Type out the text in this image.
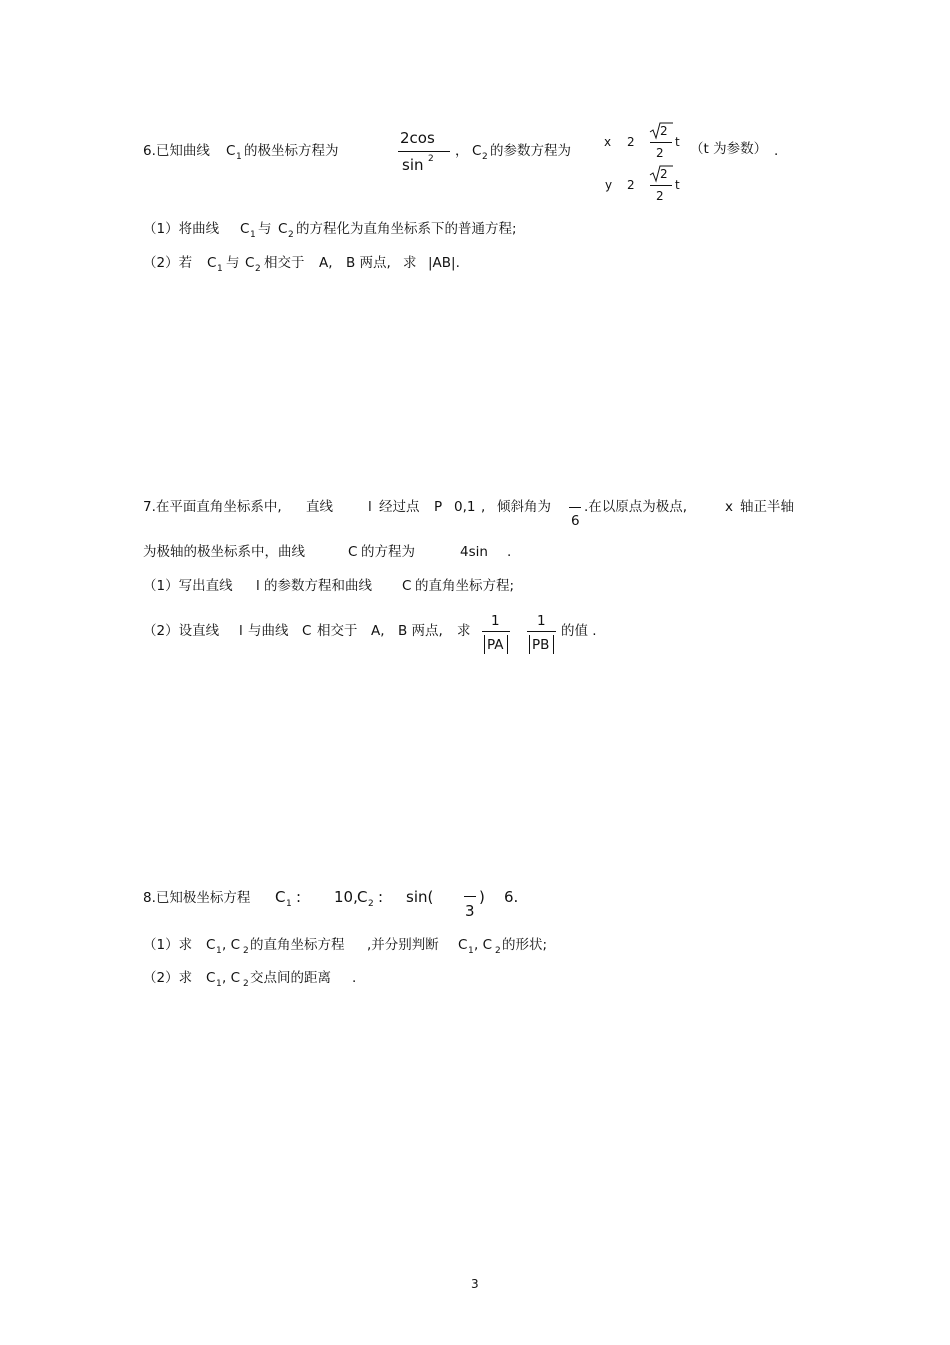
6.已知曲线 C 1 的极坐标方程为
2cos
sin 2 ， C 2 的参数方程为
x 2
2
2
t （t 为参数） .
y 2
2
2
t
（1）将曲线 C 1 与 C 2 的方程化为直角坐标系下的普通方程;
（2）若 C 1 与 C 2 相交于 A, B 两点, 求 |AB|.
7.在平面直角坐标系中, 直线	l 经过点 P 0,1 , 倾斜角为
6
.在以原点为极点,	x 轴正半轴
为极轴的极坐标系中，曲线	C 的方程为	4sin .
（1）写出直线 l 的参数方程和曲线 C 的直角坐标方程;
（2）设直线 l 与曲线 C 相交于 A, B 两点, 求
1
PA
1
PB
的值 .
8.已知极坐标方程 C 1 : 10, C 2 : sin(
3
) 6.
（1）求 C 1 , C 2 的直角坐标方程 ,并分别判断 C 1 , C 2 的形状;
（2）求 C 1 , C 2 交点间的距离 .
3
